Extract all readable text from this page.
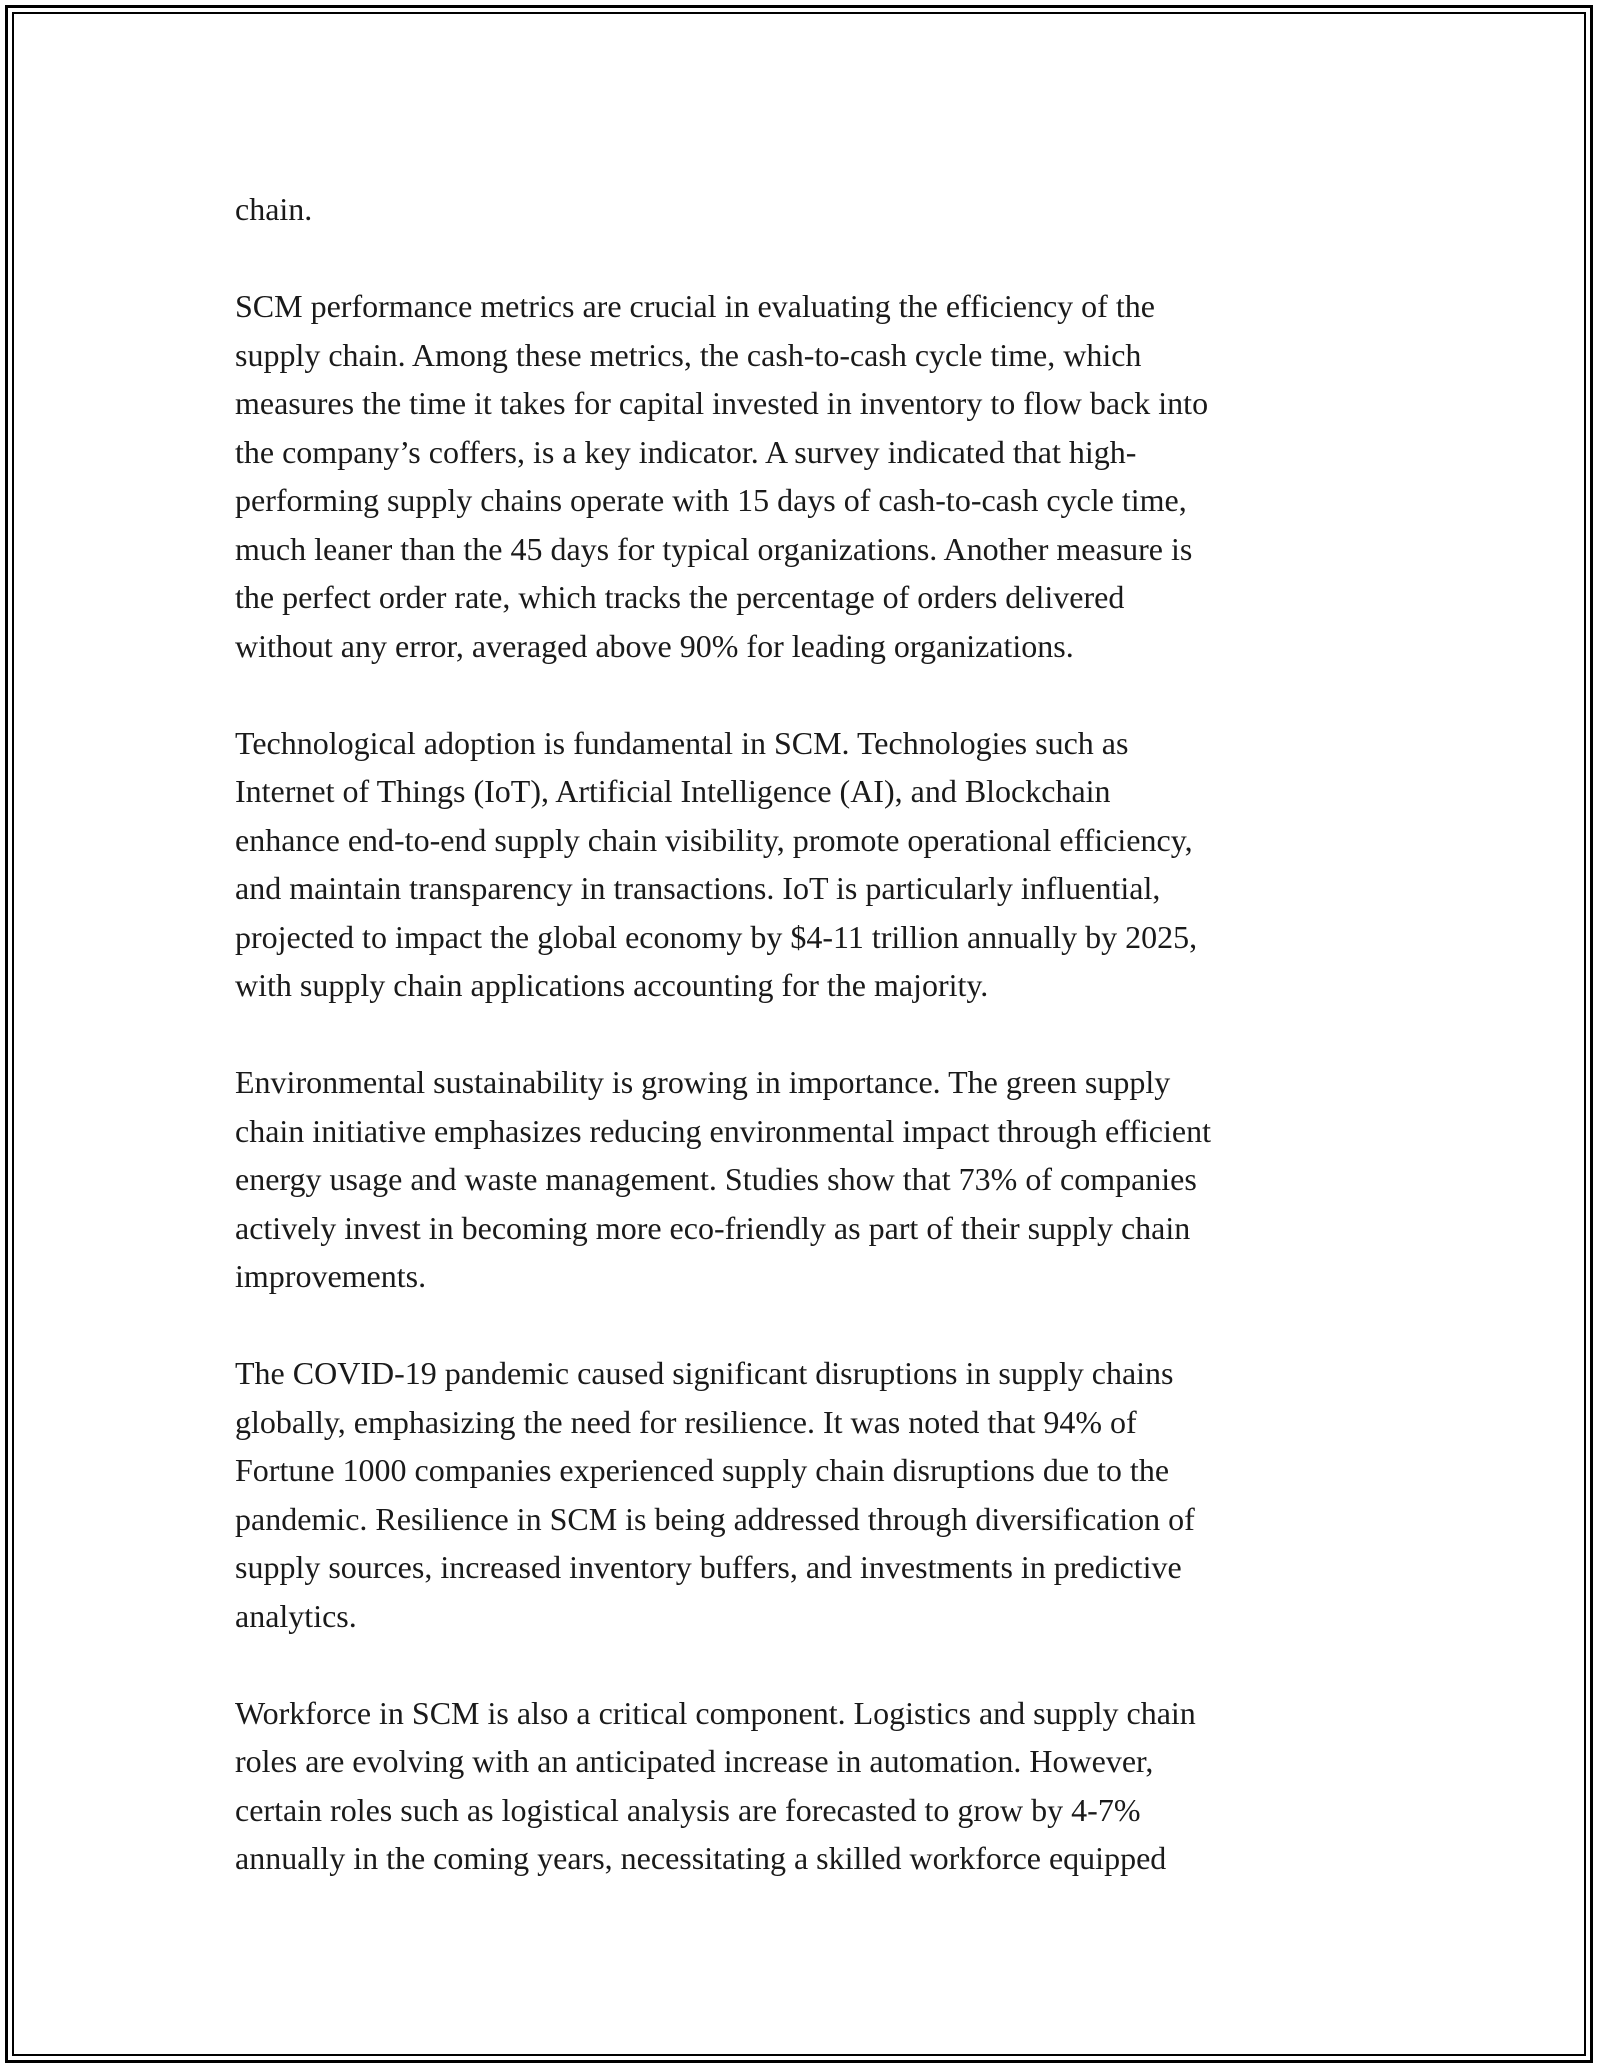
chain.

SCM performance metrics are crucial in evaluating the efficiency of the
supply chain. Among these metrics, the cash-to-cash cycle time, which
measures the time it takes for capital invested in inventory to flow back into
the company’s coffers, is a key indicator. A survey indicated that high-
performing supply chains operate with 15 days of cash-to-cash cycle time,
much leaner than the 45 days for typical organizations. Another measure is
the perfect order rate, which tracks the percentage of orders delivered
without any error, averaged above 90% for leading organizations.

Technological adoption is fundamental in SCM. Technologies such as
Internet of Things (IoT), Artificial Intelligence (AI), and Blockchain
enhance end-to-end supply chain visibility, promote operational efficiency,
and maintain transparency in transactions. IoT is particularly influential,
projected to impact the global economy by $4-11 trillion annually by 2025,
with supply chain applications accounting for the majority.

Environmental sustainability is growing in importance. The green supply
chain initiative emphasizes reducing environmental impact through efficient
energy usage and waste management. Studies show that 73% of companies
actively invest in becoming more eco-friendly as part of their supply chain
improvements.

The COVID-19 pandemic caused significant disruptions in supply chains
globally, emphasizing the need for resilience. It was noted that 94% of
Fortune 1000 companies experienced supply chain disruptions due to the
pandemic. Resilience in SCM is being addressed through diversification of
supply sources, increased inventory buffers, and investments in predictive
analytics.

Workforce in SCM is also a critical component. Logistics and supply chain
roles are evolving with an anticipated increase in automation. However,
certain roles such as logistical analysis are forecasted to grow by 4-7%
annually in the coming years, necessitating a skilled workforce equipped
